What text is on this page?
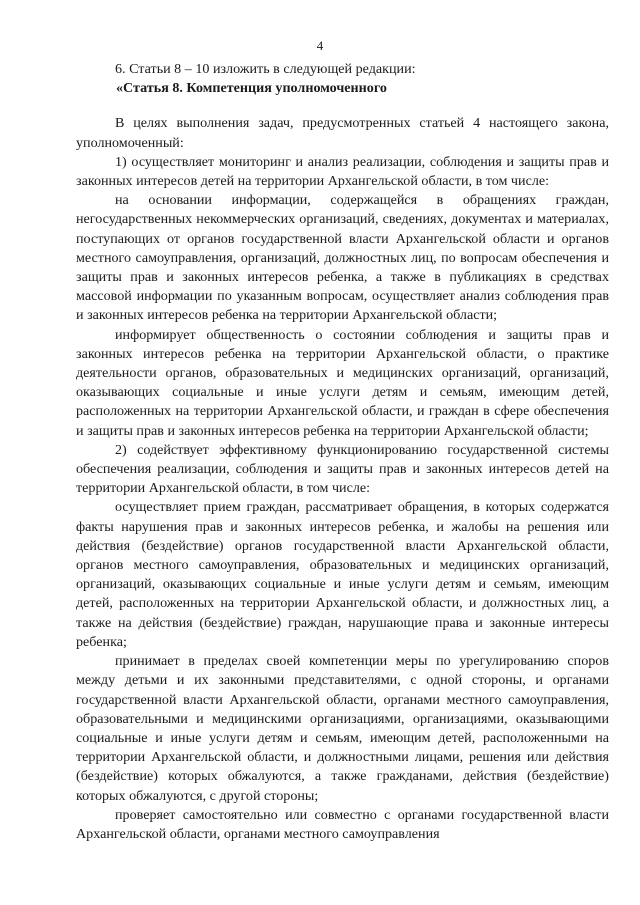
4

6. Статьи 8 – 10 изложить в следующей редакции:

«Статья 8. Компетенция уполномоченного

В целях выполнения задач, предусмотренных статьей 4 настоящего закона, уполномоченный:

1) осуществляет мониторинг и анализ реализации, соблюдения и защиты прав и законных интересов детей на территории Архангельской области, в том числе:

на основании информации, содержащейся в обращениях граждан, негосударственных некоммерческих организаций, сведениях, документах и материалах, поступающих от органов государственной власти Архангельской области и органов местного самоуправления, организаций, должностных лиц, по вопросам обеспечения и защиты прав и законных интересов ребенка, а также в публикациях в средствах массовой информации по указанным вопросам, осуществляет анализ соблюдения прав и законных интересов ребенка на территории Архангельской области;

информирует общественность о состоянии соблюдения и защиты прав и законных интересов ребенка на территории Архангельской области, о практике деятельности органов, образовательных и медицинских организаций, организаций, оказывающих социальные и иные услуги детям и семьям, имеющим детей, расположенных на территории Архангельской области, и граждан в сфере обеспечения и защиты прав и законных интересов ребенка на территории Архангельской области;

2) содействует эффективному функционированию государственной системы обеспечения реализации, соблюдения и защиты прав и законных интересов детей на территории Архангельской области, в том числе:

осуществляет прием граждан, рассматривает обращения, в которых содержатся факты нарушения прав и законных интересов ребенка, и жалобы на решения или действия (бездействие) органов государственной власти Архангельской области, органов местного самоуправления, образовательных и медицинских организаций, организаций, оказывающих социальные и иные услуги детям и семьям, имеющим детей, расположенных на территории Архангельской области, и должностных лиц, а также на действия (бездействие) граждан, нарушающие права и законные интересы ребенка;

принимает в пределах своей компетенции меры по урегулированию споров между детьми и их законными представителями, с одной стороны, и органами государственной власти Архангельской области, органами местного самоуправления, образовательными и медицинскими организациями, организациями, оказывающими социальные и иные услуги детям и семьям, имеющим детей, расположенными на территории Архангельской области, и должностными лицами, решения или действия (бездействие) которых обжалуются, а также гражданами, действия (бездействие) которых обжалуются, с другой стороны;

проверяет самостоятельно или совместно с органами государственной власти Архангельской области, органами местного самоуправления
